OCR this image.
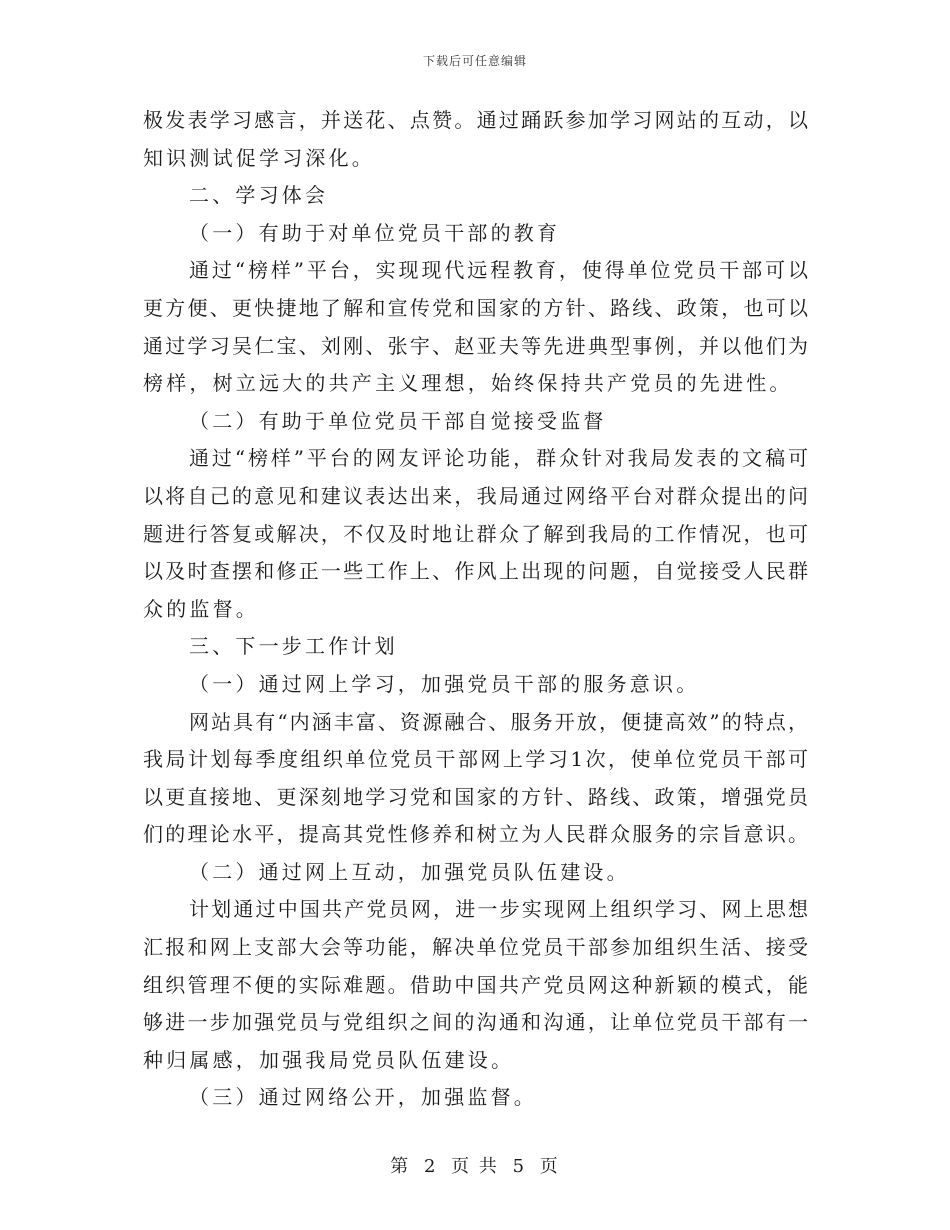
下载后可任意编辑
极发表学习感言，并送花、点赞。通过踊跃参加学习网站的互动，以
知识测试促学习深化。
二、学习体会
（一）有助于对单位党员干部的教育
通过“榜样”平台，实现现代远程教育，使得单位党员干部可以
更方便、更快捷地了解和宣传党和国家的方针、路线、政策，也可以
通过学习吴仁宝、刘刚、张宇、赵亚夫等先进典型事例，并以他们为
榜样，树立远大的共产主义理想，始终保持共产党员的先进性。
（二）有助于单位党员干部自觉接受监督
通过“榜样”平台的网友评论功能，群众针对我局发表的文稿可
以将自己的意见和建议表达出来，我局通过网络平台对群众提出的问
题进行答复或解决，不仅及时地让群众了解到我局的工作情况，也可
以及时查摆和修正一些工作上、作风上出现的问题，自觉接受人民群
众的监督。
三、下一步工作计划
（一）通过网上学习，加强党员干部的服务意识。
网站具有“内涵丰富、资源融合、服务开放，便捷高效”的特点，
我局计划每季度组织单位党员干部网上学习1次，使单位党员干部可
以更直接地、更深刻地学习党和国家的方针、路线、政策，增强党员
们的理论水平，提高其党性修养和树立为人民群众服务的宗旨意识。
（二）通过网上互动，加强党员队伍建设。
计划通过中国共产党员网，进一步实现网上组织学习、网上思想
汇报和网上支部大会等功能，解决单位党员干部参加组织生活、接受
组织管理不便的实际难题。借助中国共产党员网这种新颖的模式，能
够进一步加强党员与党组织之间的沟通和沟通，让单位党员干部有一
种归属感，加强我局党员队伍建设。
（三）通过网络公开，加强监督。
第 2 页 共 5 页
